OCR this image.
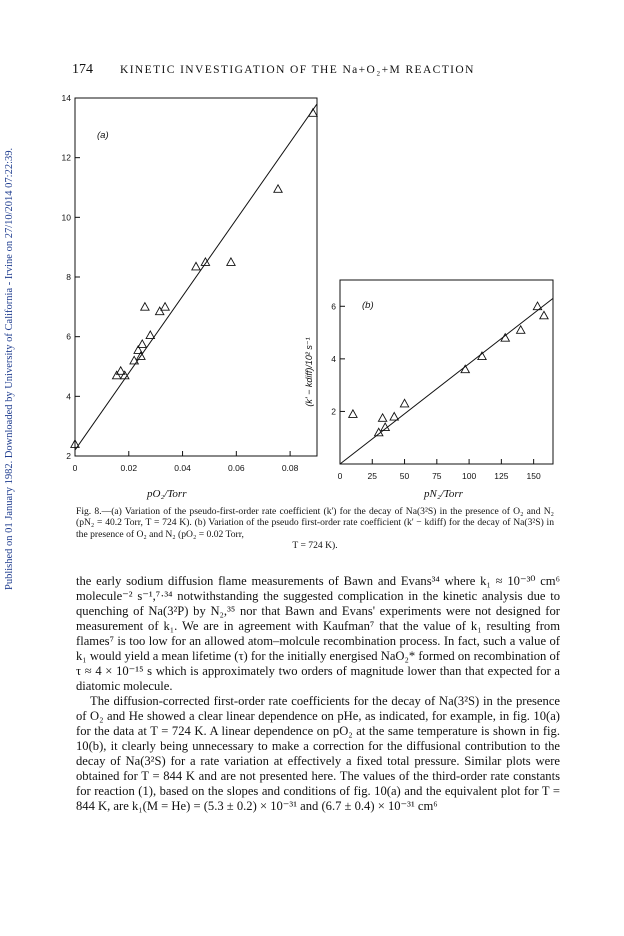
Published on 01 January 1982. Downloaded by University of California - Irvine on 27/10/2014 07:22:39.
174 KINETIC INVESTIGATION OF THE Na+O₂+M REACTION
0	0.02	0.04	0.06	0.08
2
4
6
8
10
12
14
(a)
pO₂/Torr
0	25	50	75 100 125 150
2
4
6	(b)
(k' − kdiff)/10² s⁻¹
pN₂/Torr
Fig. 8.—(a) Variation of the pseudo-first-order rate coefficient (k') for the decay of Na(3²S) in the presence of O₂ and N₂ (pN₂ = 40.2 Torr, T = 724 K). (b) Variation of the pseudo first-order rate coefficient (k' − kdiff) for the decay of Na(3²S) in the presence of O₂ and N₂ (pO₂ = 0.02 Torr,
T = 724 K).

the early sodium diffusion flame measurements of Bawn and Evans³⁴ where k₁ ≈ 10⁻³⁰ cm⁶ molecule⁻² s⁻¹,⁷·³⁴ notwithstanding the suggested complication in the kinetic analysis due to quenching of Na(3²P) by N₂,³⁵ nor that Bawn and Evans' experiments were not designed for measurement of k₁. We are in agreement with Kaufman⁷ that the value of k₁ resulting from flames⁷ is too low for an allowed atom–molcule recombination process. In fact, such a value of k₁ would yield a mean lifetime (τ) for the initially energised NaO₂* formed on recombination of τ ≈ 4 × 10⁻¹⁵ s which is approximately two orders of magnitude lower than that expected for a diatomic molecule.

The diffusion-corrected first-order rate coefficients for the decay of Na(3²S) in the presence of O₂ and He showed a clear linear dependence on pHe, as indicated, for example, in fig. 10(a) for the data at T = 724 K. A linear dependence on pO₂ at the same temperature is shown in fig. 10(b), it clearly being unnecessary to make a correction for the diffusional contribution to the decay of Na(3²S) for a rate variation at effectively a fixed total pressure. Similar plots were obtained for T = 844 K and are not presented here. The values of the third-order rate constants for reaction (1), based on the slopes and conditions of fig. 10(a) and the equivalent plot for T = 844 K, are k₁(M = He) = (5.3 ± 0.2) × 10⁻³¹ and (6.7 ± 0.4) × 10⁻³¹ cm⁶
